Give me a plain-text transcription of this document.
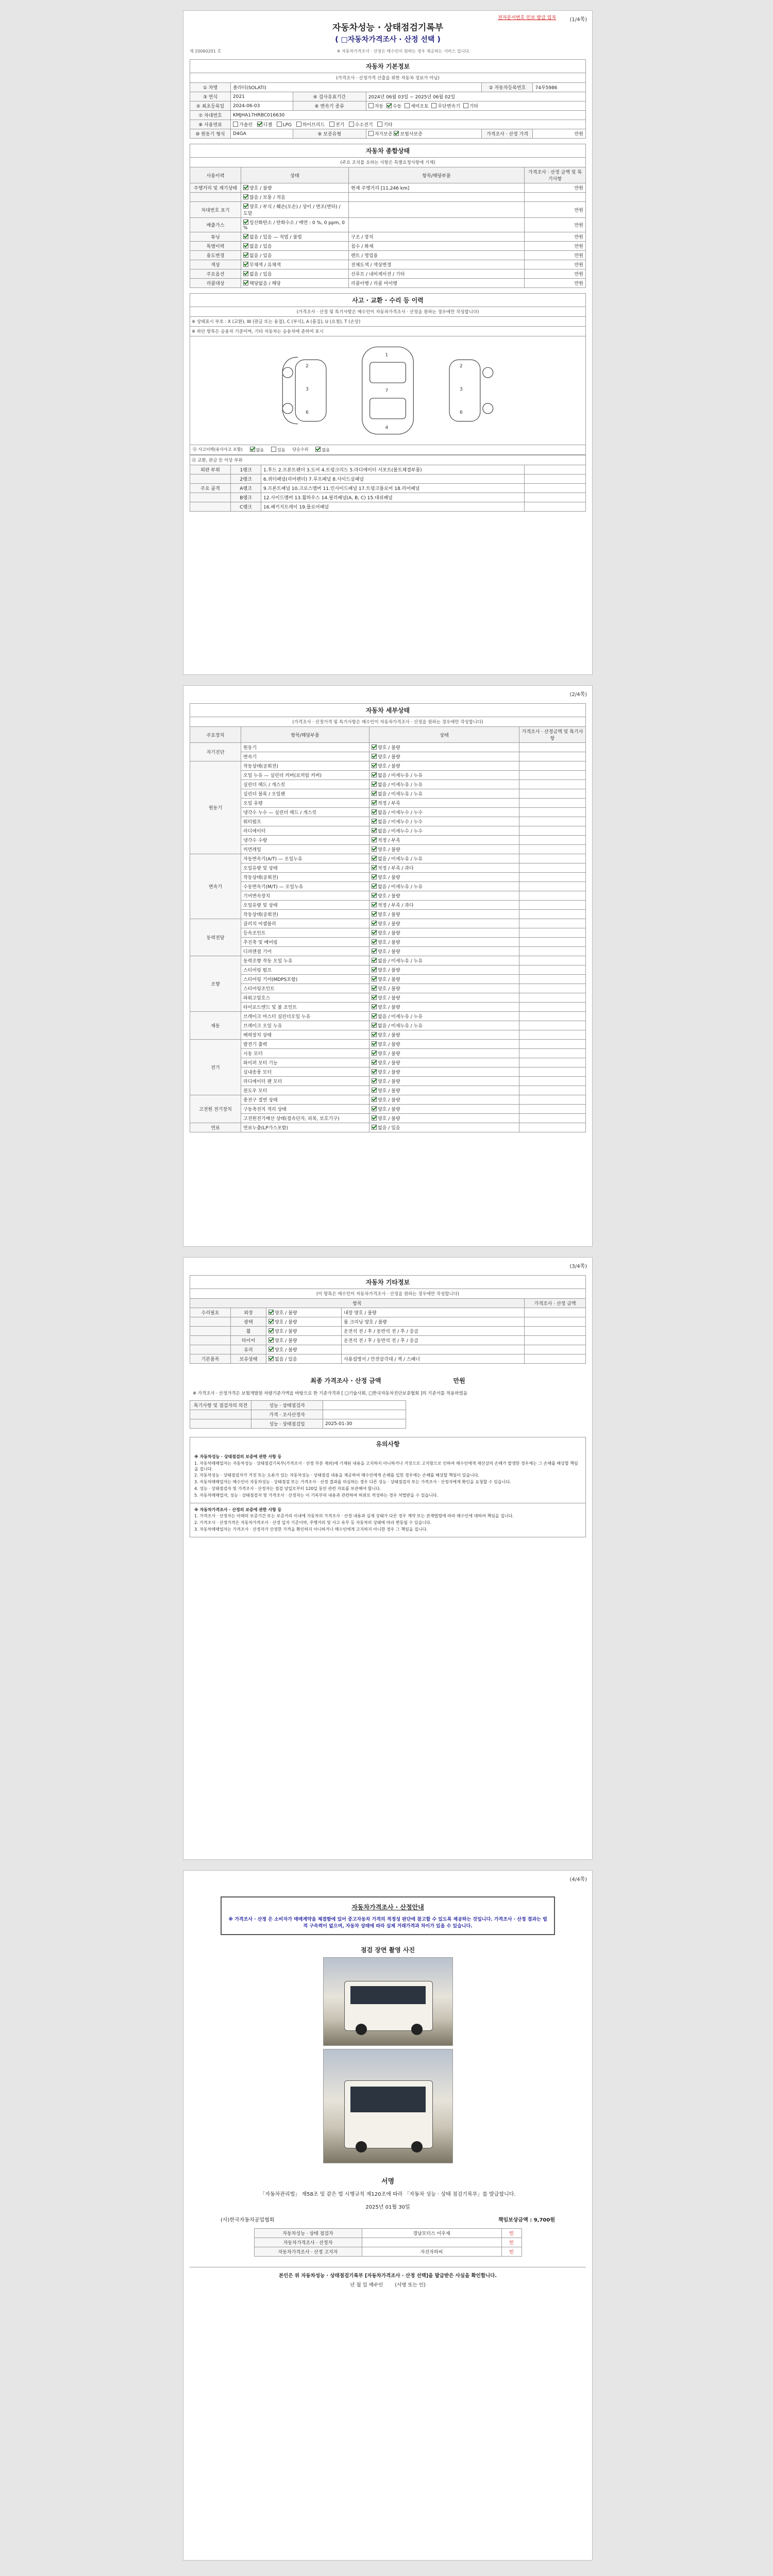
전자문서번호 인보 발급 업자	(1/4쪽)
자동차성능 · 상태점검기록부
( □자동차가격조사 · 산정 선택 )
제 20060201 호	※ 자동차가격조사 · 산정은 매수인이 원하는 경우 제공하는 서비스 입니다.
자동차 기본정보
(가격조사 · 산정가격 산출을 위한 자동차 정보가 아님)
① 차명	쏠라티(SOLATI)			② 자동차등록번호	74루5986
③ 연식	2021	④ 검사유효기간	2024년 06월 03일 ~ 2025년 06월 02일		
⑤ 최초등록일	2024-06-03	⑥ 변속기 종류	자동 수동 세미오토 무단변속기 기타		
⑦ 차대번호	KMJHA17HRBC016630				
⑧ 사용연료	가솔린 디젤 LPG 하이브리드 전기 수소전기 기타				
⑩ 원동기 형식	D4GA	⑨ 보증유형	자가보증 보험사보증	가격조사 · 산정 가격	만원
자동차 종합상태
(주요 조치를 요하는 사항은 특별요청사항에 기재)
사용이력	상태	항목/해당부품	가격조사 · 산정 금액 및 특기사항
주행거리 및 계기상태	양호 / 불량	현재 주행거리 [11,246 km]	만원
	많음 / 보통 / 적음		
차대번호 표기	양호 / 부식 / 훼손(오손) / 상이 / 변조(변타) / 도말		만원
배출가스	일산화탄소 / 탄화수소 / 매연 : 0 %, 0 ppm, 0 %		만원
튜닝	없음 / 있음 — 적법 / 불법	구조 / 장치	만원
특별이력	없음 / 있음	침수 / 화재	만원
용도변경	없음 / 있음	렌트 / 영업용	만원
색상	무채색 / 유채색	전체도색 / 색상변경	만원
주요옵션	없음 / 있음	선루프 / 내비게이션 / 기타	만원
리콜대상	해당없음 / 해당	리콜이행 / 리콜 미이행	만원
사고 · 교환 · 수리 등 이력
(가격조사 · 산정 및 특기사항은 매수인이 자동차가격조사 · 산정을 원하는 경우에만 작성합니다)
※ 상태표시 부호 : X (교환), W (판금 또는 용접), C (부식), A (흠집), U (요철), T (손상)
※ 하단 항목은 승용차 기준이며, 기타 자동차는 승용차에 준하여 표시
1
2	2
3	3
4
7
6	6
⑪ 사고이력(유사사고 포함)	없음	있음 단순수리	없음
⑫ 교환, 판금 등 이상 부위
외판 부위	1랭크	1.후드 2.프론트펜더 3.도어 4.트렁크리드 5.라디에이터 서포트(볼트체결부품)	
	2랭크	6.쿼터패널(리어펜더) 7.루프패널 8.사이드실패널	
주요 골격	A랭크	9.프론트패널 10.크로스멤버 11.인사이드패널 17.트렁크플로어 18.리어패널	
	B랭크	12.사이드멤버 13.휠하우스 14.필러패널(A, B, C) 15.대쉬패널	
	C랭크	16.패키지트레이 19.플로어패널	
(2/4쪽)
자동차 세부상태
(가격조사 · 산정가격 및 특기사항은 매수인이 자동차가격조사 · 산정을 원하는 경우에만 작성합니다)
주요장치	항목/해당부품	상태	가격조사 · 산정금액 및 특기사항
자기진단	원동기	양호 / 불량	
	변속기	양호 / 불량	
원동기	작동상태(공회전)	양호 / 불량	
	오일 누유 — 실린더 커버(로커암 커버)	없음 / 미세누유 / 누유	
	실린더 헤드 / 개스킷	없음 / 미세누유 / 누유	
	실린더 블록 / 오일팬	없음 / 미세누유 / 누유	
	오일 유량	적정 / 부족	
	냉각수 누수 — 실린더 헤드 / 개스킷	없음 / 미세누수 / 누수	
	워터펌프	없음 / 미세누수 / 누수	
	라디에이터	없음 / 미세누수 / 누수	
	냉각수 수량	적정 / 부족	
	커먼레일	양호 / 불량	
변속기	자동변속기(A/T) — 오일누유	없음 / 미세누유 / 누유	
	오일유량 및 상태	적정 / 부족 / 과다	
	작동상태(공회전)	양호 / 불량	
	수동변속기(M/T) — 오일누유	없음 / 미세누유 / 누유	
	기어변속장치	양호 / 불량	
	오일유량 및 상태	적정 / 부족 / 과다	
	작동상태(공회전)	양호 / 불량	
동력전달	클러치 어셈블리	양호 / 불량	
	등속조인트	양호 / 불량	
	추진축 및 베어링	양호 / 불량	
	디퍼렌셜 기어	양호 / 불량	
조향	동력조향 작동 오일 누유	없음 / 미세누유 / 누유	
	스티어링 펌프	양호 / 불량	
	스티어링 기어(MDPS포함)	양호 / 불량	
	스티어링조인트	양호 / 불량	
	파워고압호스	양호 / 불량	
	타이로드엔드 및 볼 조인트	양호 / 불량	
제동	브레이크 마스터 실린더오일 누유	없음 / 미세누유 / 누유	
	브레이크 오일 누유	없음 / 미세누유 / 누유	
	배력장치 상태	양호 / 불량	
전기	발전기 출력	양호 / 불량	
	시동 모터	양호 / 불량	
	와이퍼 모터 기능	양호 / 불량	
	실내송풍 모터	양호 / 불량	
	라디에이터 팬 모터	양호 / 불량	
	윈도우 모터	양호 / 불량	
고전원 전기장치	충전구 절연 상태	양호 / 불량	
	구동축전지 격리 상태	양호 / 불량	
	고전원전기배선 상태(접속단자, 피복, 보호기구)	양호 / 불량	
연료	연료누출(LP가스포함)	없음 / 있음	
(3/4쪽)
자동차 기타정보
(이 항목은 매수인이 자동차가격조사 · 산정을 원하는 경우에만 작성합니다)
항목				가격조사 · 산정 금액
수리필요	외장	양호 / 불량	내장 양호 / 불량	
	광택	양호 / 불량	룸 크리닝 양호 / 불량	
	휠	양호 / 불량	운전석 전 / 후 / 동반석 전 / 후 / 응급	
	타이어	양호 / 불량	운전석 전 / 후 / 동반석 전 / 후 / 응급	
	유리	양호 / 불량		
기본품목	보유상태	없음 / 있음	사용설명서 / 안전삼각대 / 잭 / 스패너	
최종 가격조사 · 산정 금액	만원
※ 가격조사 · 산정가격은 보험개발원 차량기준가액을 바탕으로 한 기준가격과 [ □기술사회, □한국자동차진단보증협회 ]의 기준서를 적용하였음
특기사항 및 점검자의 의견	성능 · 상태점검자	
	가격 · 조사산정자	
	성능 · 상태점검일	2025-01-30
유의사항

※ 자동차성능 · 상태점검의 보증에 관한 사항 등

1. 자동차매매업자는 자동차성능 · 상태점검기록부(가격조사 · 산정 부분 제외)에 기재된 내용을 고지하지 아니하거나 거짓으로 고지함으로 인하여 매수인에게 재산상의 손해가 발생한 경우에는 그 손해를 배상할 책임을 집니다.

2. 자동차성능 · 상태점검자가 거짓 또는 오류가 있는 자동차성능 · 상태점검 내용을 제공하여 매수인에게 손해를 입힌 경우에는 손해를 배상할 책임이 있습니다.

3. 자동차매매업자는 매수인이 자동차성능 · 상태점검 또는 가격조사 · 산정 결과를 의심하는 경우 다른 성능 · 상태점검자 또는 가격조사 · 산정자에게 확인을 요청할 수 있습니다.

4. 성능 · 상태점검자 및 가격조사 · 산정자는 점검 당일로부터 120일 동안 관련 자료를 보관해야 합니다.

5. 자동차매매업자, 성능 · 상태점검자 및 가격조사 · 산정자는 이 기록부의 내용과 관련하여 허위로 작성하는 경우 처벌받을 수 있습니다.

※ 자동차가격조사 · 산정의 보증에 관한 사항 등

1. 가격조사 · 산정자는 아래의 보증기간 또는 보증거리 이내에 자동차의 가격조사 · 산정 내용과 실제 상태가 다른 경우 계약 또는 관계법령에 따라 매수인에 대하여 책임을 집니다.

2. 가격조사 · 산정가격은 자동차가격조사 · 산정 일자 기준이며, 주행거리 및 사고 유무 등 자동차의 상태에 따라 변동될 수 있습니다.

3. 자동차매매업자는 가격조사 · 산정자가 산정한 가격을 확인하지 아니하거나 매수인에게 고지하지 아니한 경우 그 책임을 집니다.

(4/4쪽)
자동차가격조사 · 산정안내
※ 가격조사 · 산정 은 소비자가 매매계약을 체결함에 있어 중고자동차 가격의 적정성 판단에 참고할 수 있도록 제공하는 것입니다. 가격조사 · 산정 결과는 법적 구속력이 없으며, 자동차 상태에 따라 실제 거래가격과 차이가 있을 수 있습니다.
점검 장면 촬영 사진
서명
「자동차관리법」 제58조 및 같은 법 시행규칙 제120조에 따라 「자동차 성능 · 상태 점검기록부」를 발급합니다.
2025년 01월 30일
(사)한국자동차공업협회	책임보상금액 : 9,700원
자동차성능 · 상태 점검자	경남모터스 이우재	인
자동차가격조사 · 산정자		인
자동차가격조사 · 산정 고지자	자진자하씨	인
본인은 위 자동차성능 · 상태점검기록부 [자동차가격조사 · 산정 선택]을 발급받은 사실을 확인합니다.
년 월 일 매수인 (서명 또는 인)
